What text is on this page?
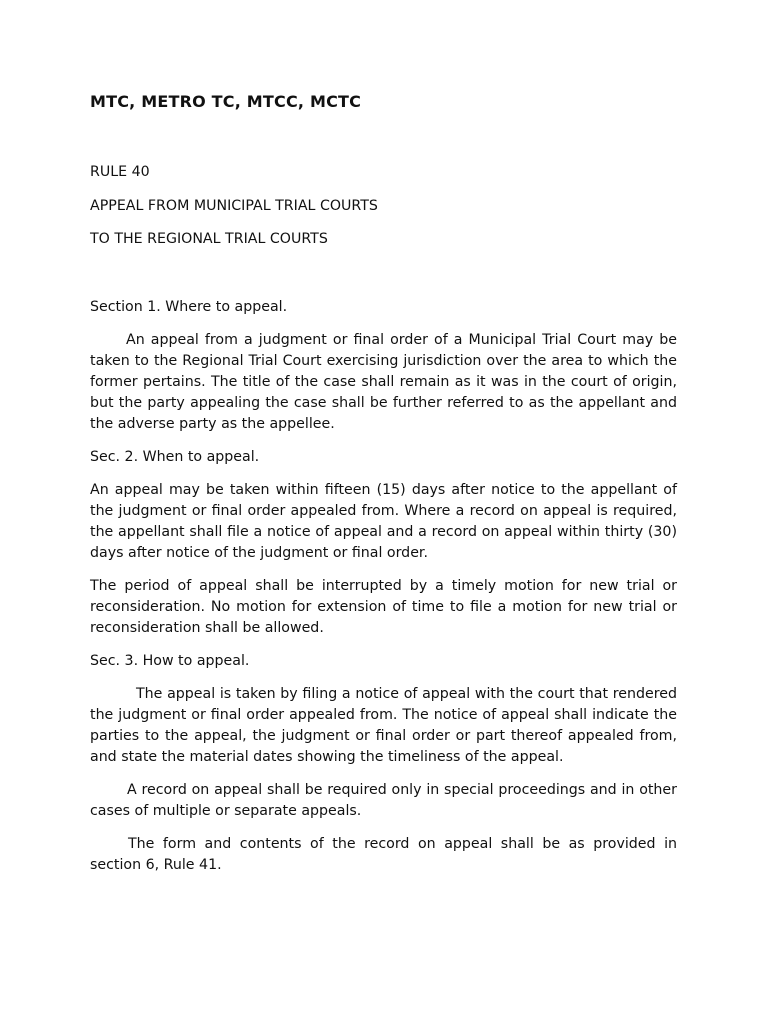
MTC, METRO TC, MTCC, MCTC
RULE 40
APPEAL FROM MUNICIPAL TRIAL COURTS
TO THE REGIONAL TRIAL COURTS

Section 1. Where to appeal.

An appeal from a judgment or final order of a Municipal Trial Court may be taken to the Regional Trial Court exercising jurisdiction over the area to which the former pertains. The title of the case shall remain as it was in the court of origin, but the party appealing the case shall be further referred to as the appellant and the adverse party as the appellee.

Sec. 2. When to appeal.

An appeal may be taken within fifteen (15) days after notice to the appellant of the judgment or final order appealed from. Where a record on appeal is required, the appellant shall file a notice of appeal and a record on appeal within thirty (30) days after notice of the judgment or final order.

The period of appeal shall be interrupted by a timely motion for new trial or reconsideration. No motion for extension of time to file a motion for new trial or reconsideration shall be allowed.

Sec. 3. How to appeal.

The appeal is taken by filing a notice of appeal with the court that rendered the judgment or final order appealed from. The notice of appeal shall indicate the parties to the appeal, the judgment or final order or part thereof appealed from, and state the material dates showing the timeliness of the appeal.

A record on appeal shall be required only in special proceedings and in other cases of multiple or separate appeals.

The form and contents of the record on appeal shall be as provided in section 6, Rule 41.
